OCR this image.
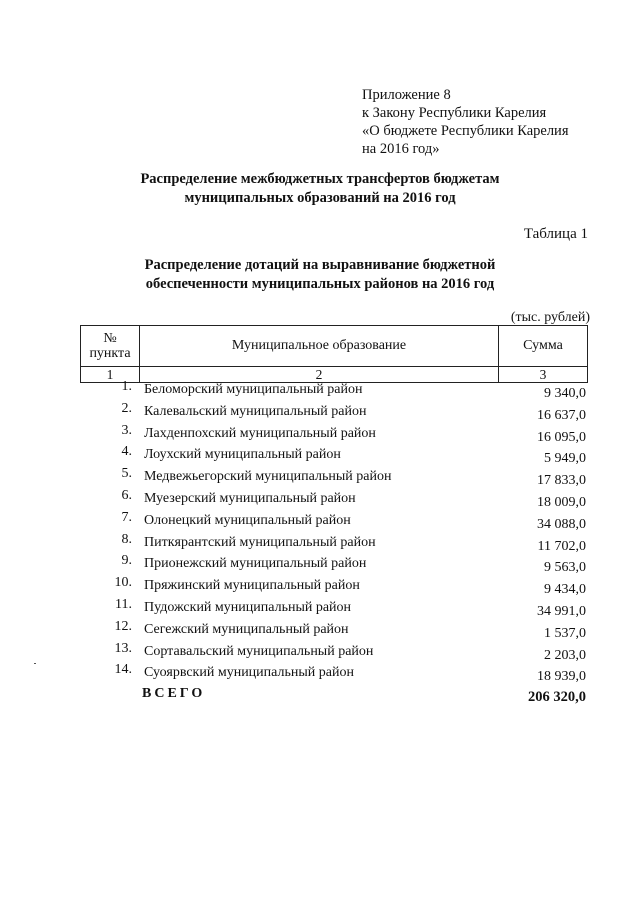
Приложение 8
к Закону Республики Карелия
«О бюджете Республики Карелия
на 2016 год»
Распределение межбюджетных трансфертов бюджетам
муниципальных образований на 2016 год
Таблица 1
Распределение дотаций на выравнивание бюджетной
обеспеченности муниципальных районов на 2016 год
(тыс. рублей)
№
пункта	Муниципальное образование	Сумма
1	2	3
1. Беломорский муниципальный район	9 340,0
2. Калевальский муниципальный район	16 637,0
3. Лахденпохский муниципальный район	16 095,0
4. Лоухский муниципальный район	5 949,0
5. Медвежьегорский муниципальный район	17 833,0
6. Муезерский муниципальный район	18 009,0
7. Олонецкий муниципальный район	34 088,0
8. Питкярантский муниципальный район	11 702,0
9. Прионежский муниципальный район	9 563,0
10. Пряжинский муниципальный район	9 434,0
11. Пудожский муниципальный район	34 991,0
12. Сегежский муниципальный район	1 537,0
13. Сортавальский муниципальный район	2 203,0
14. Суоярвский муниципальный район	18 939,0
ВСЕГО	206 320,0
